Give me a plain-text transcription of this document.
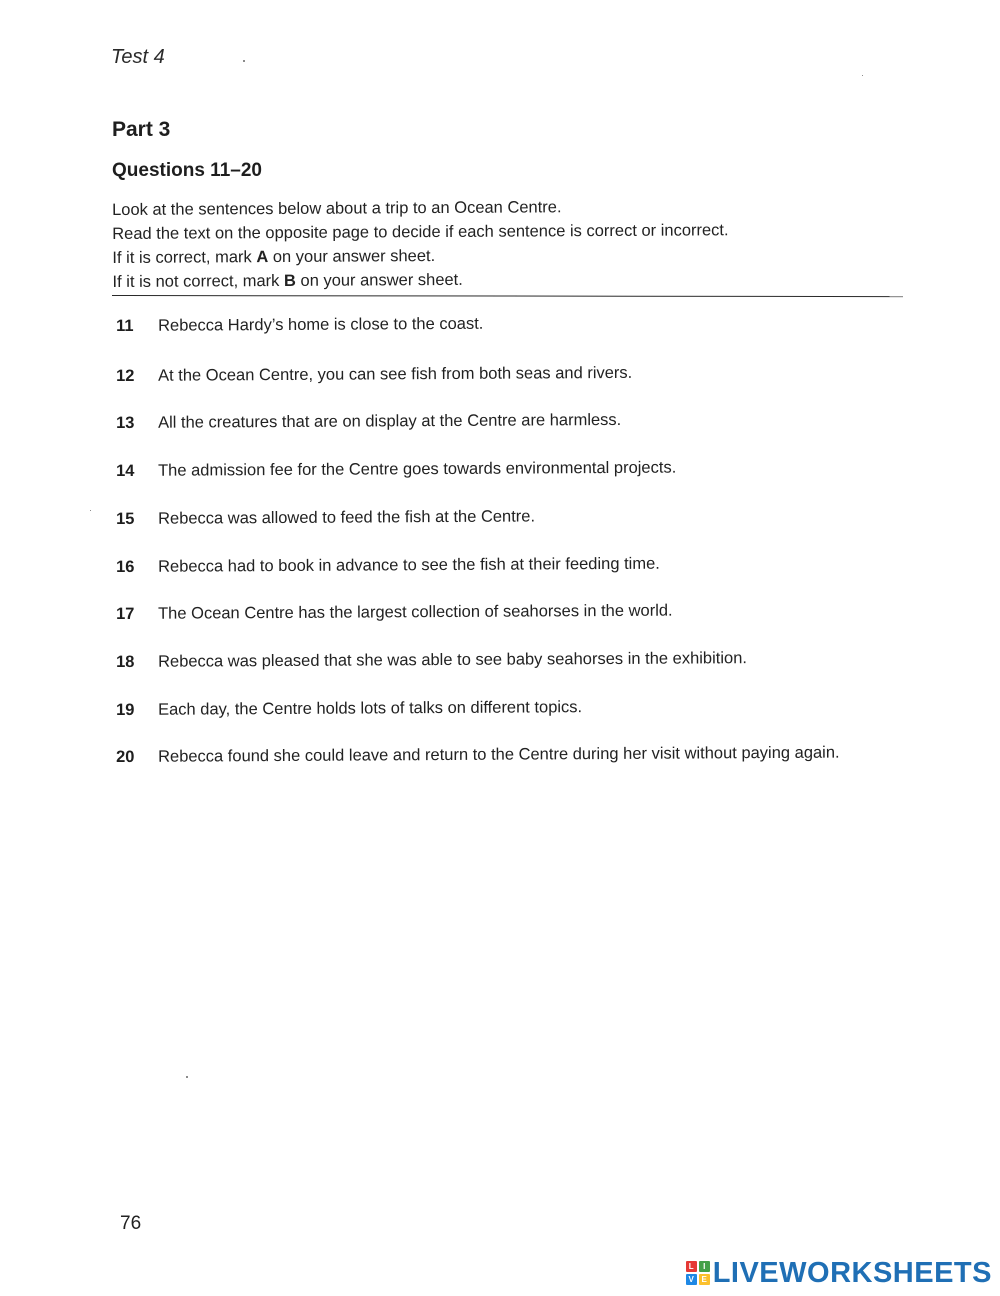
Test 4
Part 3
Questions 11–20
Look at the sentences below about a trip to an Ocean Centre.
Read the text on the opposite page to decide if each sentence is correct or incorrect.
If it is correct, mark A on your answer sheet.
If it is not correct, mark B on your answer sheet.
11	Rebecca Hardy’s home is close to the coast.
12	At the Ocean Centre, you can see fish from both seas and rivers.
13	All the creatures that are on display at the Centre are harmless.
14	The admission fee for the Centre goes towards environmental projects.
15	Rebecca was allowed to feed the fish at the Centre.
16	Rebecca had to book in advance to see the fish at their feeding time.
17	The Ocean Centre has the largest collection of seahorses in the world.
18	Rebecca was pleased that she was able to see baby seahorses in the exhibition.
19	Each day, the Centre holds lots of talks on different topics.
20	Rebecca found she could leave and return to the Centre during her visit without paying again.
76
L	I
V E LIVEWORKSHEETS
